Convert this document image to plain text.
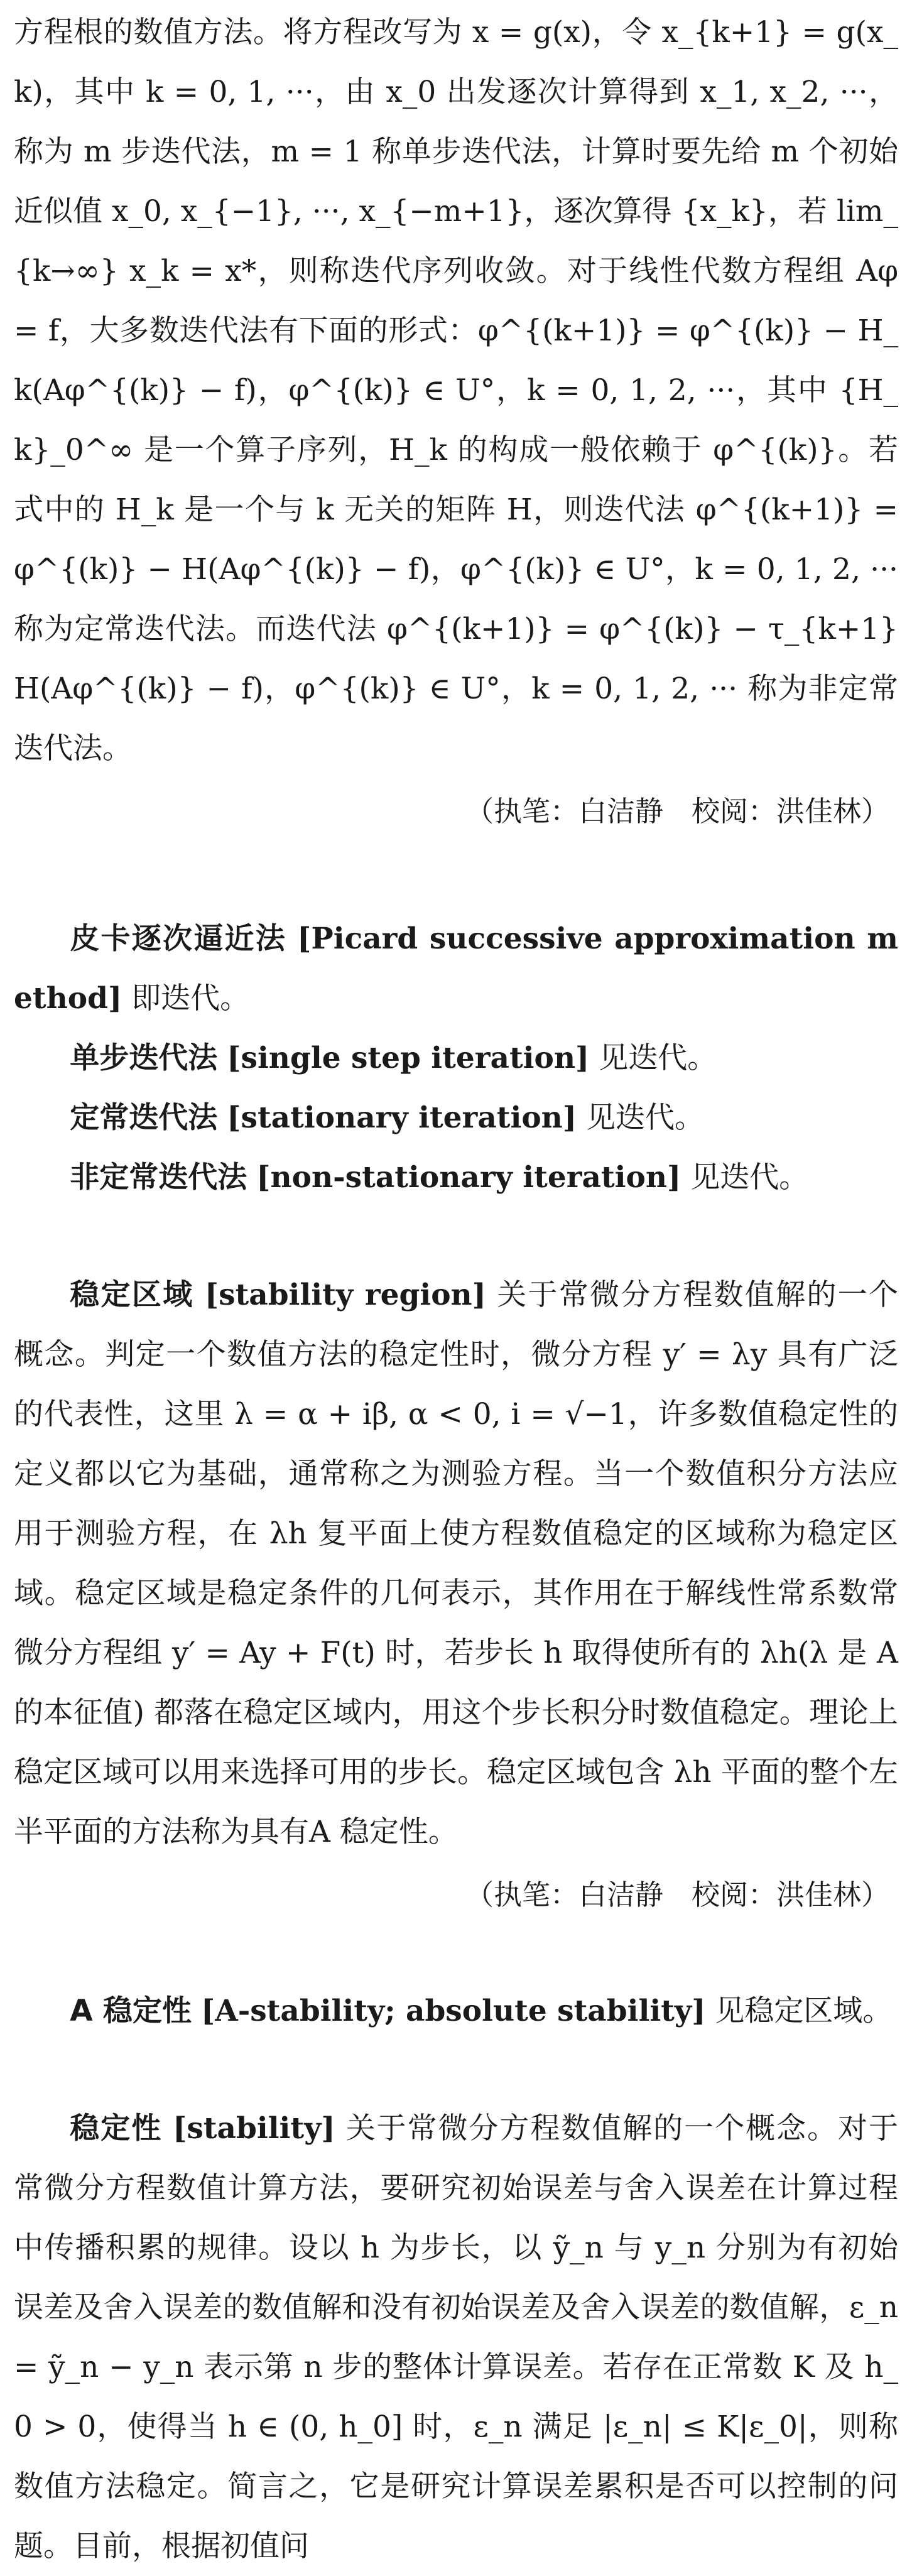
方程根的数值方法。将方程改写为 x = g(x)，令 x_{k+1} = g(x_k)，其中 k = 0, 1, ···，由 x_0 出发逐次计算得到 x_1, x_2, ···，称为 m 步迭代法，m = 1 称单步迭代法，计算时要先给 m 个初始近似值 x_0, x_{−1}, ···, x_{−m+1}，逐次算得 {x_k}，若 lim_{k→∞} x_k = x*，则称迭代序列收敛。对于线性代数方程组 Aφ = f，大多数迭代法有下面的形式：φ^{(k+1)} = φ^{(k)} − H_k(Aφ^{(k)} − f)，φ^{(k)} ∈ U°，k = 0, 1, 2, ···，其中 {H_k}_0^∞ 是一个算子序列，H_k 的构成一般依赖于 φ^{(k)}。若式中的 H_k 是一个与 k 无关的矩阵 H，则迭代法 φ^{(k+1)} = φ^{(k)} − H(Aφ^{(k)} − f)，φ^{(k)} ∈ U°，k = 0, 1, 2, ··· 称为定常迭代法。而迭代法 φ^{(k+1)} = φ^{(k)} − τ_{k+1}H(Aφ^{(k)} − f)，φ^{(k)} ∈ U°，k = 0, 1, 2, ··· 称为非定常迭代法。

（执笔：白洁静　校阅：洪佳林）

皮卡逐次逼近法 [Picard successive approximation method] 即迭代。

单步迭代法 [single step iteration] 见迭代。

定常迭代法 [stationary iteration] 见迭代。

非定常迭代法 [non-stationary iteration] 见迭代。

稳定区域 [stability region] 关于常微分方程数值解的一个概念。判定一个数值方法的稳定性时，微分方程 y′ = λy 具有广泛的代表性，这里 λ = α + iβ, α < 0, i = √−1，许多数值稳定性的定义都以它为基础，通常称之为测验方程。当一个数值积分方法应用于测验方程，在 λh 复平面上使方程数值稳定的区域称为稳定区域。稳定区域是稳定条件的几何表示，其作用在于解线性常系数常微分方程组 y′ = Ay + F(t) 时，若步长 h 取得使所有的 λh(λ 是 A 的本征值) 都落在稳定区域内，用这个步长积分时数值稳定。理论上稳定区域可以用来选择可用的步长。稳定区域包含 λh 平面的整个左半平面的方法称为具有A 稳定性。

（执笔：白洁静　校阅：洪佳林）

A 稳定性 [A-stability; absolute stability] 见稳定区域。

稳定性 [stability] 关于常微分方程数值解的一个概念。对于常微分方程数值计算方法，要研究初始误差与舍入误差在计算过程中传播积累的规律。设以 h 为步长，以 ỹ_n 与 y_n 分别为有初始误差及舍入误差的数值解和没有初始误差及舍入误差的数值解，ε_n = ỹ_n − y_n 表示第 n 步的整体计算误差。若存在正常数 K 及 h_0 > 0，使得当 h ∈ (0, h_0] 时，ε_n 满足 |ε_n| ≤ K|ε_0|，则称数值方法稳定。简言之，它是研究计算误差累积是否可以控制的问题。目前，根据初值问
